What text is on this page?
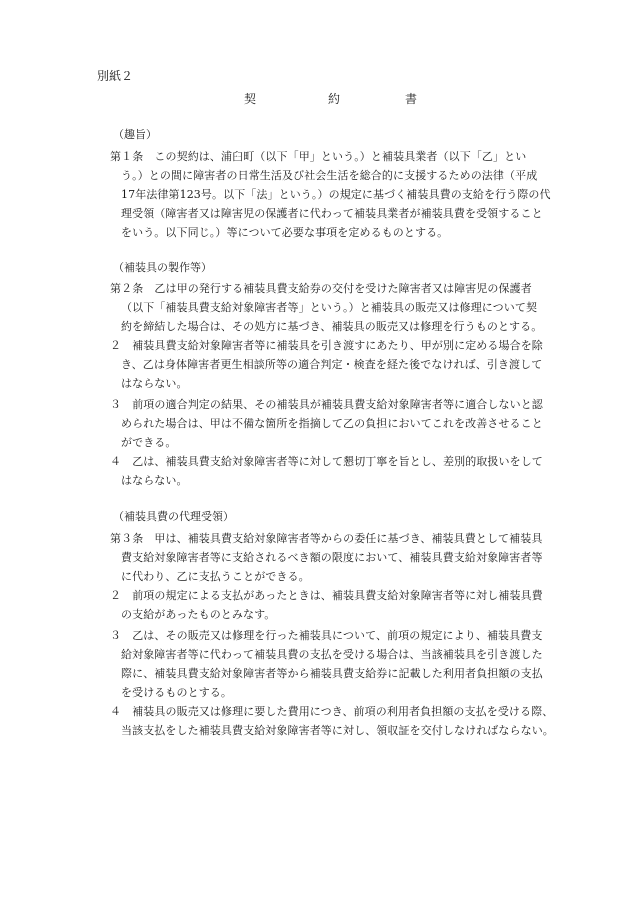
別紙２
契	約	書
（趣旨）
第１条　この契約は、浦臼町（以下「甲」という。）と補装具業者（以下「乙」とい
う。）との間に障害者の日常生活及び社会生活を総合的に支援するための法律（平成
17年法律第123号。以下「法」という。）の規定に基づく補装具費の支給を行う際の代
理受領（障害者又は障害児の保護者に代わって補装具業者が補装具費を受領すること
をいう。以下同じ。）等について必要な事項を定めるものとする。
（補装具の製作等）
第２条　乙は甲の発行する補装具費支給券の交付を受けた障害者又は障害児の保護者
（以下「補装具費支給対象障害者等」という。）と補装具の販売又は修理について契
約を締結した場合は、その処方に基づき、補装具の販売又は修理を行うものとする。
２　補装具費支給対象障害者等に補装具を引き渡すにあたり、甲が別に定める場合を除
き、乙は身体障害者更生相談所等の適合判定・検査を経た後でなければ、引き渡して
はならない。
３　前項の適合判定の結果、その補装具が補装具費支給対象障害者等に適合しないと認
められた場合は、甲は不備な箇所を指摘して乙の負担においてこれを改善させること
ができる。
４　乙は、補装具費支給対象障害者等に対して懇切丁寧を旨とし、差別的取扱いをして
はならない。
（補装具費の代理受領）
第３条　甲は、補装具費支給対象障害者等からの委任に基づき、補装具費として補装具
費支給対象障害者等に支給されるべき額の限度において、補装具費支給対象障害者等
に代わり、乙に支払うことができる。
２　前項の規定による支払があったときは、補装具費支給対象障害者等に対し補装具費
の支給があったものとみなす。
３　乙は、その販売又は修理を行った補装具について、前項の規定により、補装具費支
給対象障害者等に代わって補装具費の支払を受ける場合は、当該補装具を引き渡した
際に、補装具費支給対象障害者等から補装具費支給券に記載した利用者負担額の支払
を受けるものとする。
４　補装具の販売又は修理に要した費用につき、前項の利用者負担額の支払を受ける際、
当該支払をした補装具費支給対象障害者等に対し、領収証を交付しなければならない。
